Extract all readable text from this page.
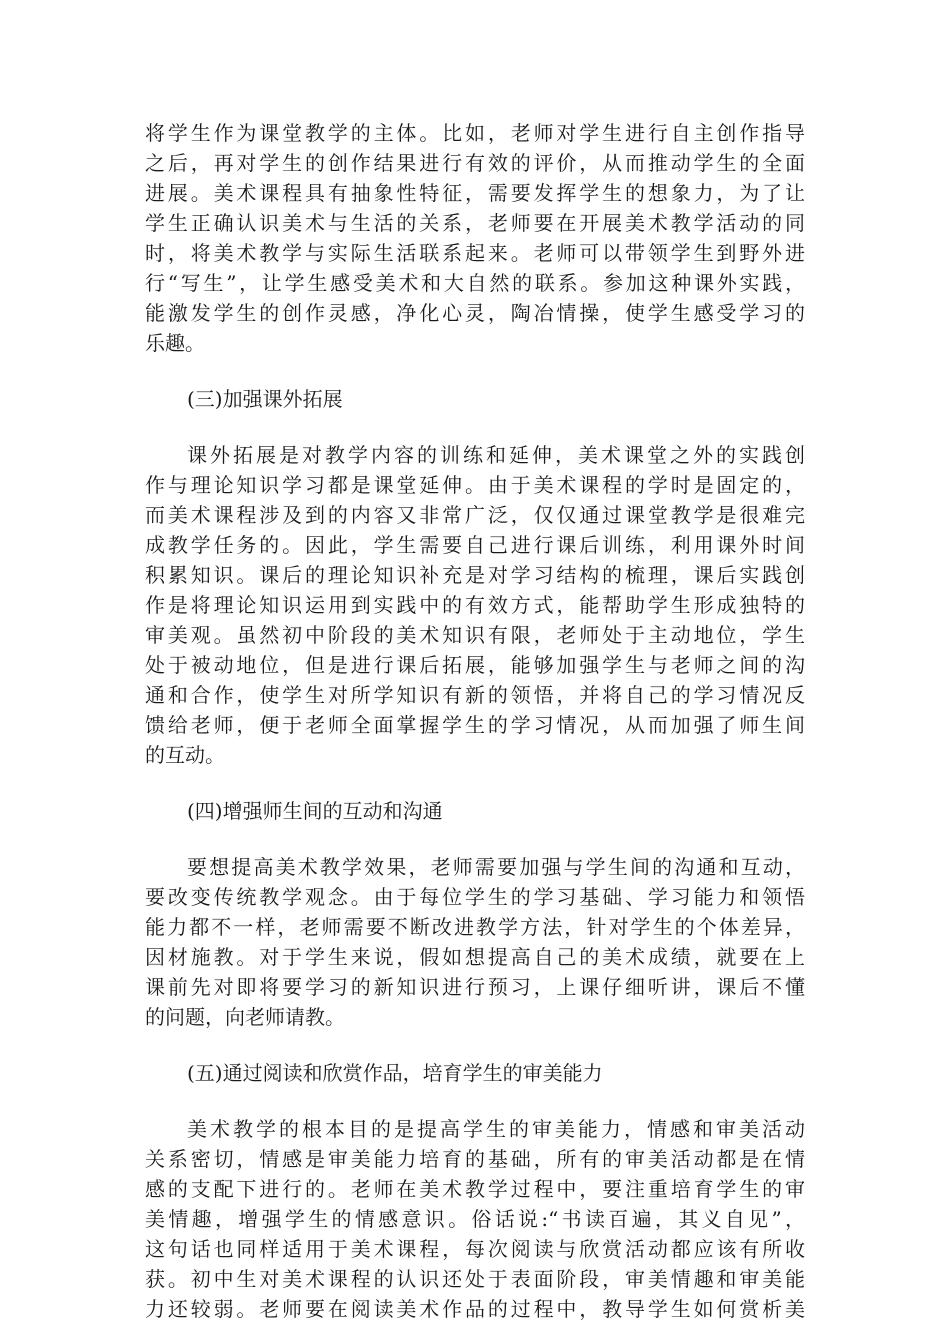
将学生作为课堂教学的主体。比如，老师对学生进行自主创作指导
之后，再对学生的创作结果进行有效的评价，从而推动学生的全面
进展。美术课程具有抽象性特征，需要发挥学生的想象力，为了让
学生正确认识美术与生活的关系，老师要在开展美术教学活动的同
时，将美术教学与实际生活联系起来。老师可以带领学生到野外进
行“写生”，让学生感受美术和大自然的联系。参加这种课外实践，
能激发学生的创作灵感，净化心灵，陶冶情操，使学生感受学习的
乐趣。
(三)加强课外拓展
课外拓展是对教学内容的训练和延伸，美术课堂之外的实践创
作与理论知识学习都是课堂延伸。由于美术课程的学时是固定的，
而美术课程涉及到的内容又非常广泛，仅仅通过课堂教学是很难完
成教学任务的。因此，学生需要自己进行课后训练，利用课外时间
积累知识。课后的理论知识补充是对学习结构的梳理，课后实践创
作是将理论知识运用到实践中的有效方式，能帮助学生形成独特的
审美观。虽然初中阶段的美术知识有限，老师处于主动地位，学生
处于被动地位，但是进行课后拓展，能够加强学生与老师之间的沟
通和合作，使学生对所学知识有新的领悟，并将自己的学习情况反
馈给老师，便于老师全面掌握学生的学习情况，从而加强了师生间
的互动。
(四)增强师生间的互动和沟通
要想提高美术教学效果，老师需要加强与学生间的沟通和互动，
要改变传统教学观念。由于每位学生的学习基础、学习能力和领悟
能力都不一样，老师需要不断改进教学方法，针对学生的个体差异，
因材施教。对于学生来说，假如想提高自己的美术成绩，就要在上
课前先对即将要学习的新知识进行预习，上课仔细听讲，课后不懂
的问题，向老师请教。
(五)通过阅读和欣赏作品，培育学生的审美能力
美术教学的根本目的是提高学生的审美能力，情感和审美活动
关系密切，情感是审美能力培育的基础，所有的审美活动都是在情
感的支配下进行的。老师在美术教学过程中，要注重培育学生的审
美情趣，增强学生的情感意识。俗话说:“书读百遍，其义自见”，
这句话也同样适用于美术课程，每次阅读与欣赏活动都应该有所收
获。初中生对美术课程的认识还处于表面阶段，审美情趣和审美能
力还较弱。老师要在阅读美术作品的过程中，教导学生如何赏析美
